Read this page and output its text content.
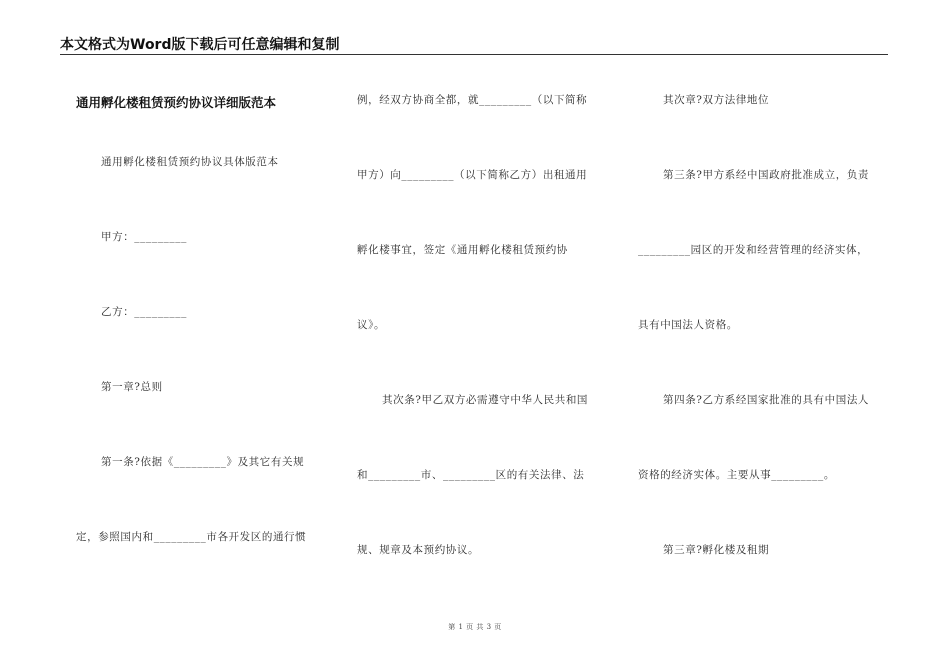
本文格式为Word版下载后可任意编辑和复制
通用孵化楼租赁预约协议详细版范本
通用孵化楼租赁预约协议具体版范本
甲方：_________
乙方：_________
第一章?总则
第一条?依据《_________》及其它有关规
定，参照国内和_________市各开发区的通行惯
例，经双方协商全都，就_________（以下简称
甲方）向_________（以下简称乙方）出租通用
孵化楼事宜，签定《通用孵化楼租赁预约协
议》。
其次条?甲乙双方必需遵守中华人民共和国
和_________市、_________区的有关法律、法
规、规章及本预约协议。
其次章?双方法律地位
第三条?甲方系经中国政府批准成立，负责
_________园区的开发和经营管理的经济实体，
具有中国法人资格。
第四条?乙方系经国家批准的具有中国法人
资格的经济实体。主要从事_________。
第三章?孵化楼及租期
第 1 页 共 3 页
